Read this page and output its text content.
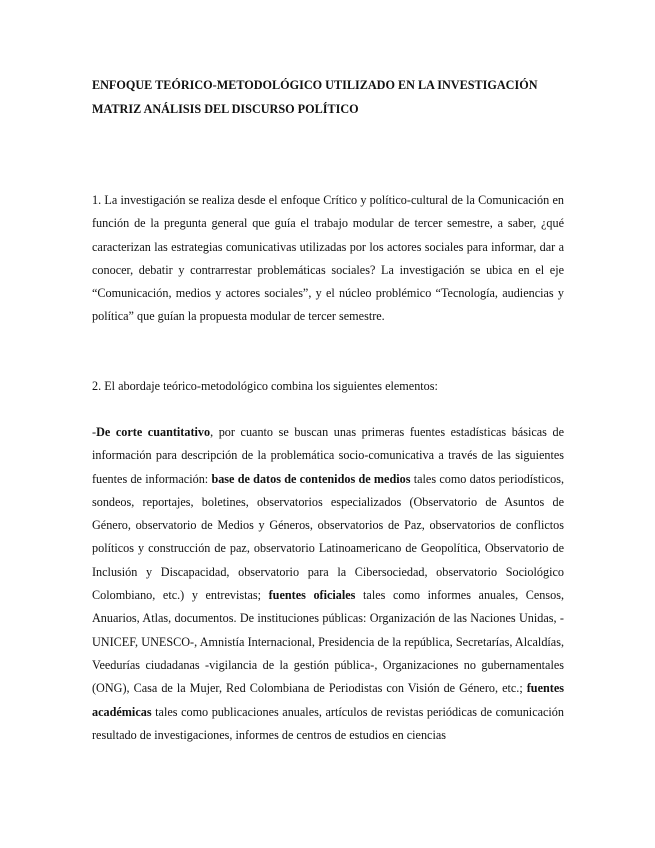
ENFOQUE TEÓRICO-METODOLÓGICO UTILIZADO EN LA INVESTIGACIÓN
MATRIZ ANÁLISIS DEL DISCURSO POLÍTICO

1. La investigación se realiza desde el enfoque Crítico y político-cultural de la Comunicación en función de la pregunta general que guía el trabajo modular de tercer semestre, a saber, ¿qué caracterizan las estrategias comunicativas utilizadas por los actores sociales para informar, dar a conocer, debatir y contrarrestar problemáticas sociales? La investigación se ubica en el eje “Comunicación, medios y actores sociales”, y el núcleo problémico “Tecnología, audiencias y política” que guían la propuesta modular de tercer semestre.

2. El abordaje teórico-metodológico combina los siguientes elementos:

-De corte cuantitativo, por cuanto se buscan unas primeras fuentes estadísticas básicas de información para descripción de la problemática socio-comunicativa a través de las siguientes fuentes de información: base de datos de contenidos de medios tales como datos periodísticos, sondeos, reportajes, boletines, observatorios especializados (Observatorio de Asuntos de Género, observatorio de Medios y Géneros, observatorios de Paz, observatorios de conflictos políticos y construcción de paz, observatorio Latinoamericano de Geopolítica, Observatorio de Inclusión y Discapacidad, observatorio para la Cibersociedad, observatorio Sociológico Colombiano, etc.) y entrevistas; fuentes oficiales tales como informes anuales, Censos, Anuarios, Atlas, documentos. De instituciones públicas: Organización de las Naciones Unidas, -UNICEF, UNESCO-, Amnistía Internacional, Presidencia de la república, Secretarías, Alcaldías, Veedurías ciudadanas -vigilancia de la gestión pública-, Organizaciones no gubernamentales (ONG), Casa de la Mujer, Red Colombiana de Periodistas con Visión de Género, etc.; fuentes académicas tales como publicaciones anuales, artículos de revistas periódicas de comunicación resultado de investigaciones, informes de centros de estudios en ciencias
